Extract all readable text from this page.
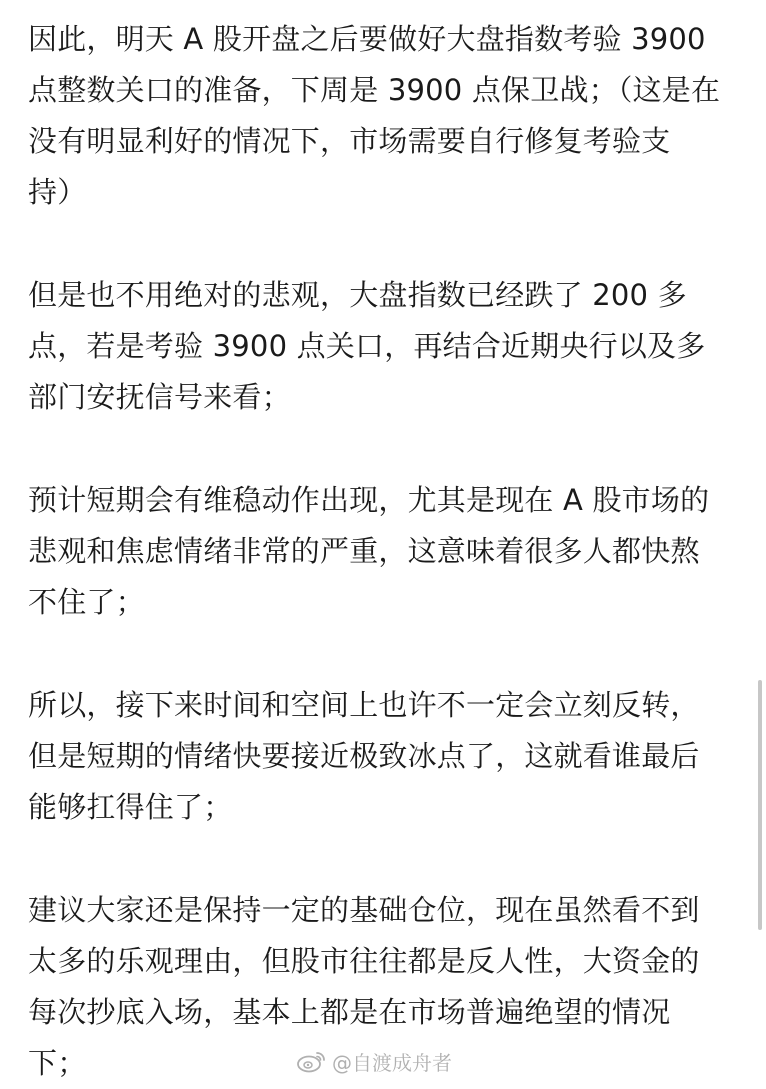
因此，明天 A 股开盘之后要做好大盘指数考验 3900
点整数关口的准备，下周是 3900 点保卫战；（这是在
没有明显利好的情况下，市场需要自行修复考验支
持）
但是也不用绝对的悲观，大盘指数已经跌了 200 多
点，若是考验 3900 点关口，再结合近期央行以及多
部门安抚信号来看；
预计短期会有维稳动作出现，尤其是现在 A 股市场的
悲观和焦虑情绪非常的严重，这意味着很多人都快熬
不住了；
所以，接下来时间和空间上也许不一定会立刻反转，
但是短期的情绪快要接近极致冰点了，这就看谁最后
能够扛得住了；
建议大家还是保持一定的基础仓位，现在虽然看不到
太多的乐观理由，但股市往往都是反人性，大资金的
每次抄底入场，基本上都是在市场普遍绝望的情况
下；	@自渡成舟者
